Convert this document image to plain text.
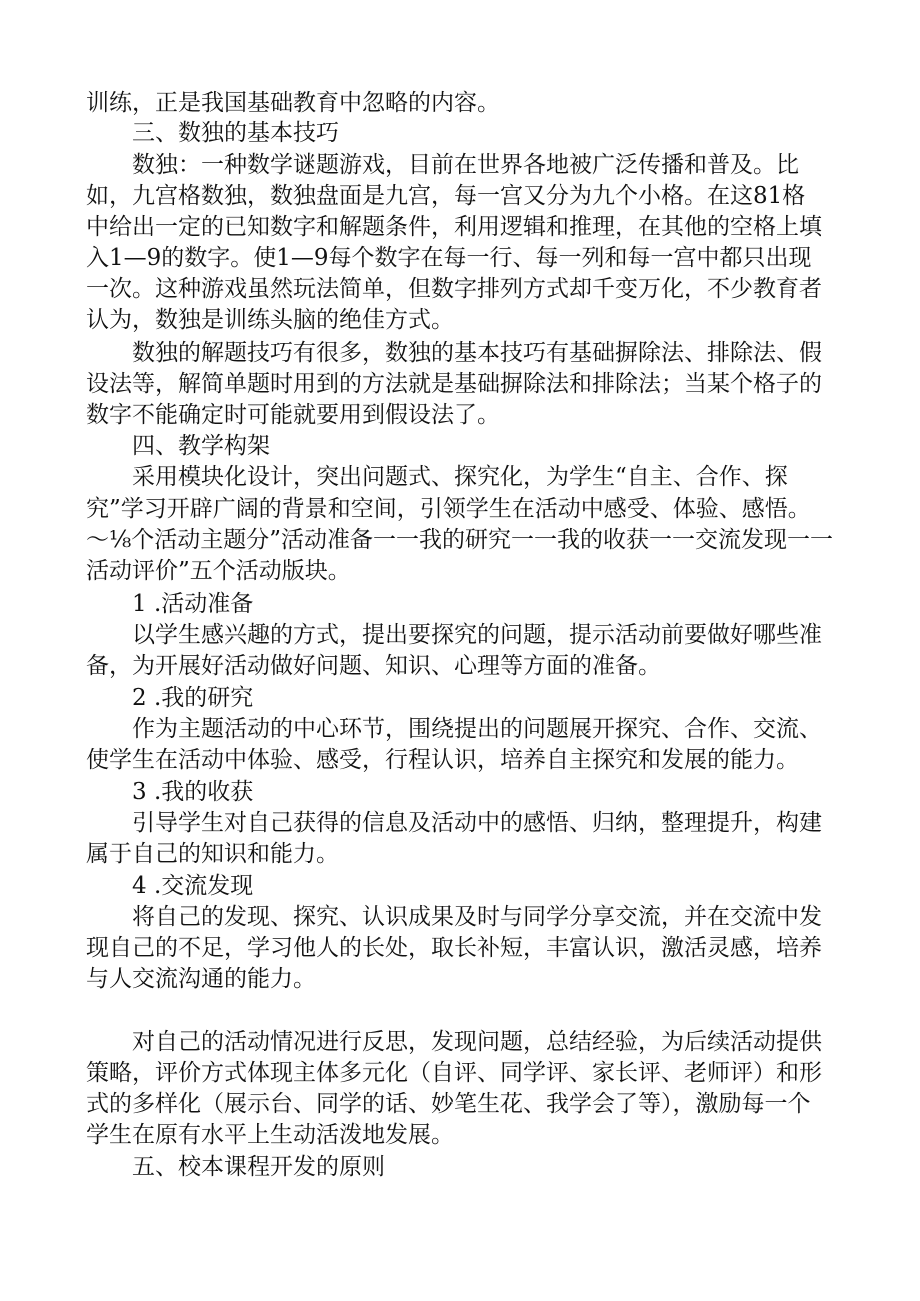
训练，正是我国基础教育中忽略的内容。

三、数独的基本技巧

数独：一种数学谜题游戏，目前在世界各地被广泛传播和普及。比

如，九宫格数独，数独盘面是九宫，每一宫又分为九个小格。在这81格

中给出一定的已知数字和解题条件，利用逻辑和推理，在其他的空格上填

入1—9的数字。使1—9每个数字在每一行、每一列和每一宫中都只出现

一次。这种游戏虽然玩法简单，但数字排列方式却千变万化，不少教育者

认为，数独是训练头脑的绝佳方式。

数独的解题技巧有很多，数独的基本技巧有基础摒除法、排除法、假

设法等，解简单题时用到的方法就是基础摒除法和排除法；当某个格子的

数字不能确定时可能就要用到假设法了。

四、教学构架

采用模块化设计，突出问题式、探究化，为学生“自主、合作、探

究”学习开辟广阔的背景和空间，引领学生在活动中感受、体验、感悟。

～⅛个活动主题分”活动准备一一我的研究一一我的收获一一交流发现一一

活动评价”五个活动版块。

1 .活动准备

以学生感兴趣的方式，提出要探究的问题，提示活动前要做好哪些准

备，为开展好活动做好问题、知识、心理等方面的准备。

2 .我的研究

作为主题活动的中心环节，围绕提出的问题展开探究、合作、交流、

使学生在活动中体验、感受，行程认识，培养自主探究和发展的能力。

3 .我的收获

引导学生对自己获得的信息及活动中的感悟、归纳，整理提升，构建

属于自己的知识和能力。

4 .交流发现

将自己的发现、探究、认识成果及时与同学分享交流，并在交流中发

现自己的不足，学习他人的长处，取长补短，丰富认识，激活灵感，培养

与人交流沟通的能力。

对自己的活动情况进行反思，发现问题，总结经验，为后续活动提供

策略，评价方式体现主体多元化（自评、同学评、家长评、老师评）和形

式的多样化（展示台、同学的话、妙笔生花、我学会了等），激励每一个

学生在原有水平上生动活泼地发展。

五、校本课程开发的原则
